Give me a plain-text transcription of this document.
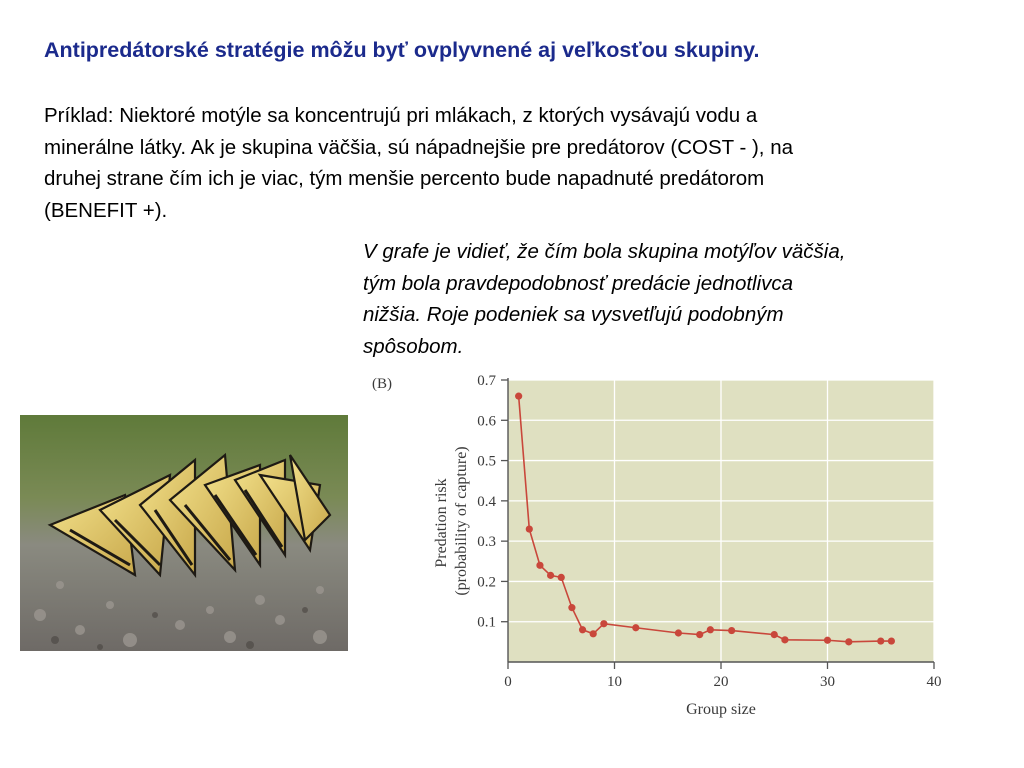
Antipredátorské stratégie môžu byť ovplyvnené aj veľkosťou skupiny.
Príklad: Niektoré motýle sa koncentrujú pri mlákach, z ktorých vysávajú vodu a
minerálne látky. Ak je skupina väčšia, sú nápadnejšie pre predátorov (COST - ), na
druhej strane čím ich je viac, tým menšie percento bude napadnuté predátorom
(BENEFIT +).
V grafe je vidieť, že čím bola skupina motýľov väčšia,
tým bola pravdepodobnosť predácie jednotlivca
nižšia. Roje podeniek sa vysvetľujú podobným
spôsobom.
(B)
0.1
0.2
0.3
0.4
0.5
0.6
0.7
0	10	20	30	40
Group size
Predation risk (probability of capture)
